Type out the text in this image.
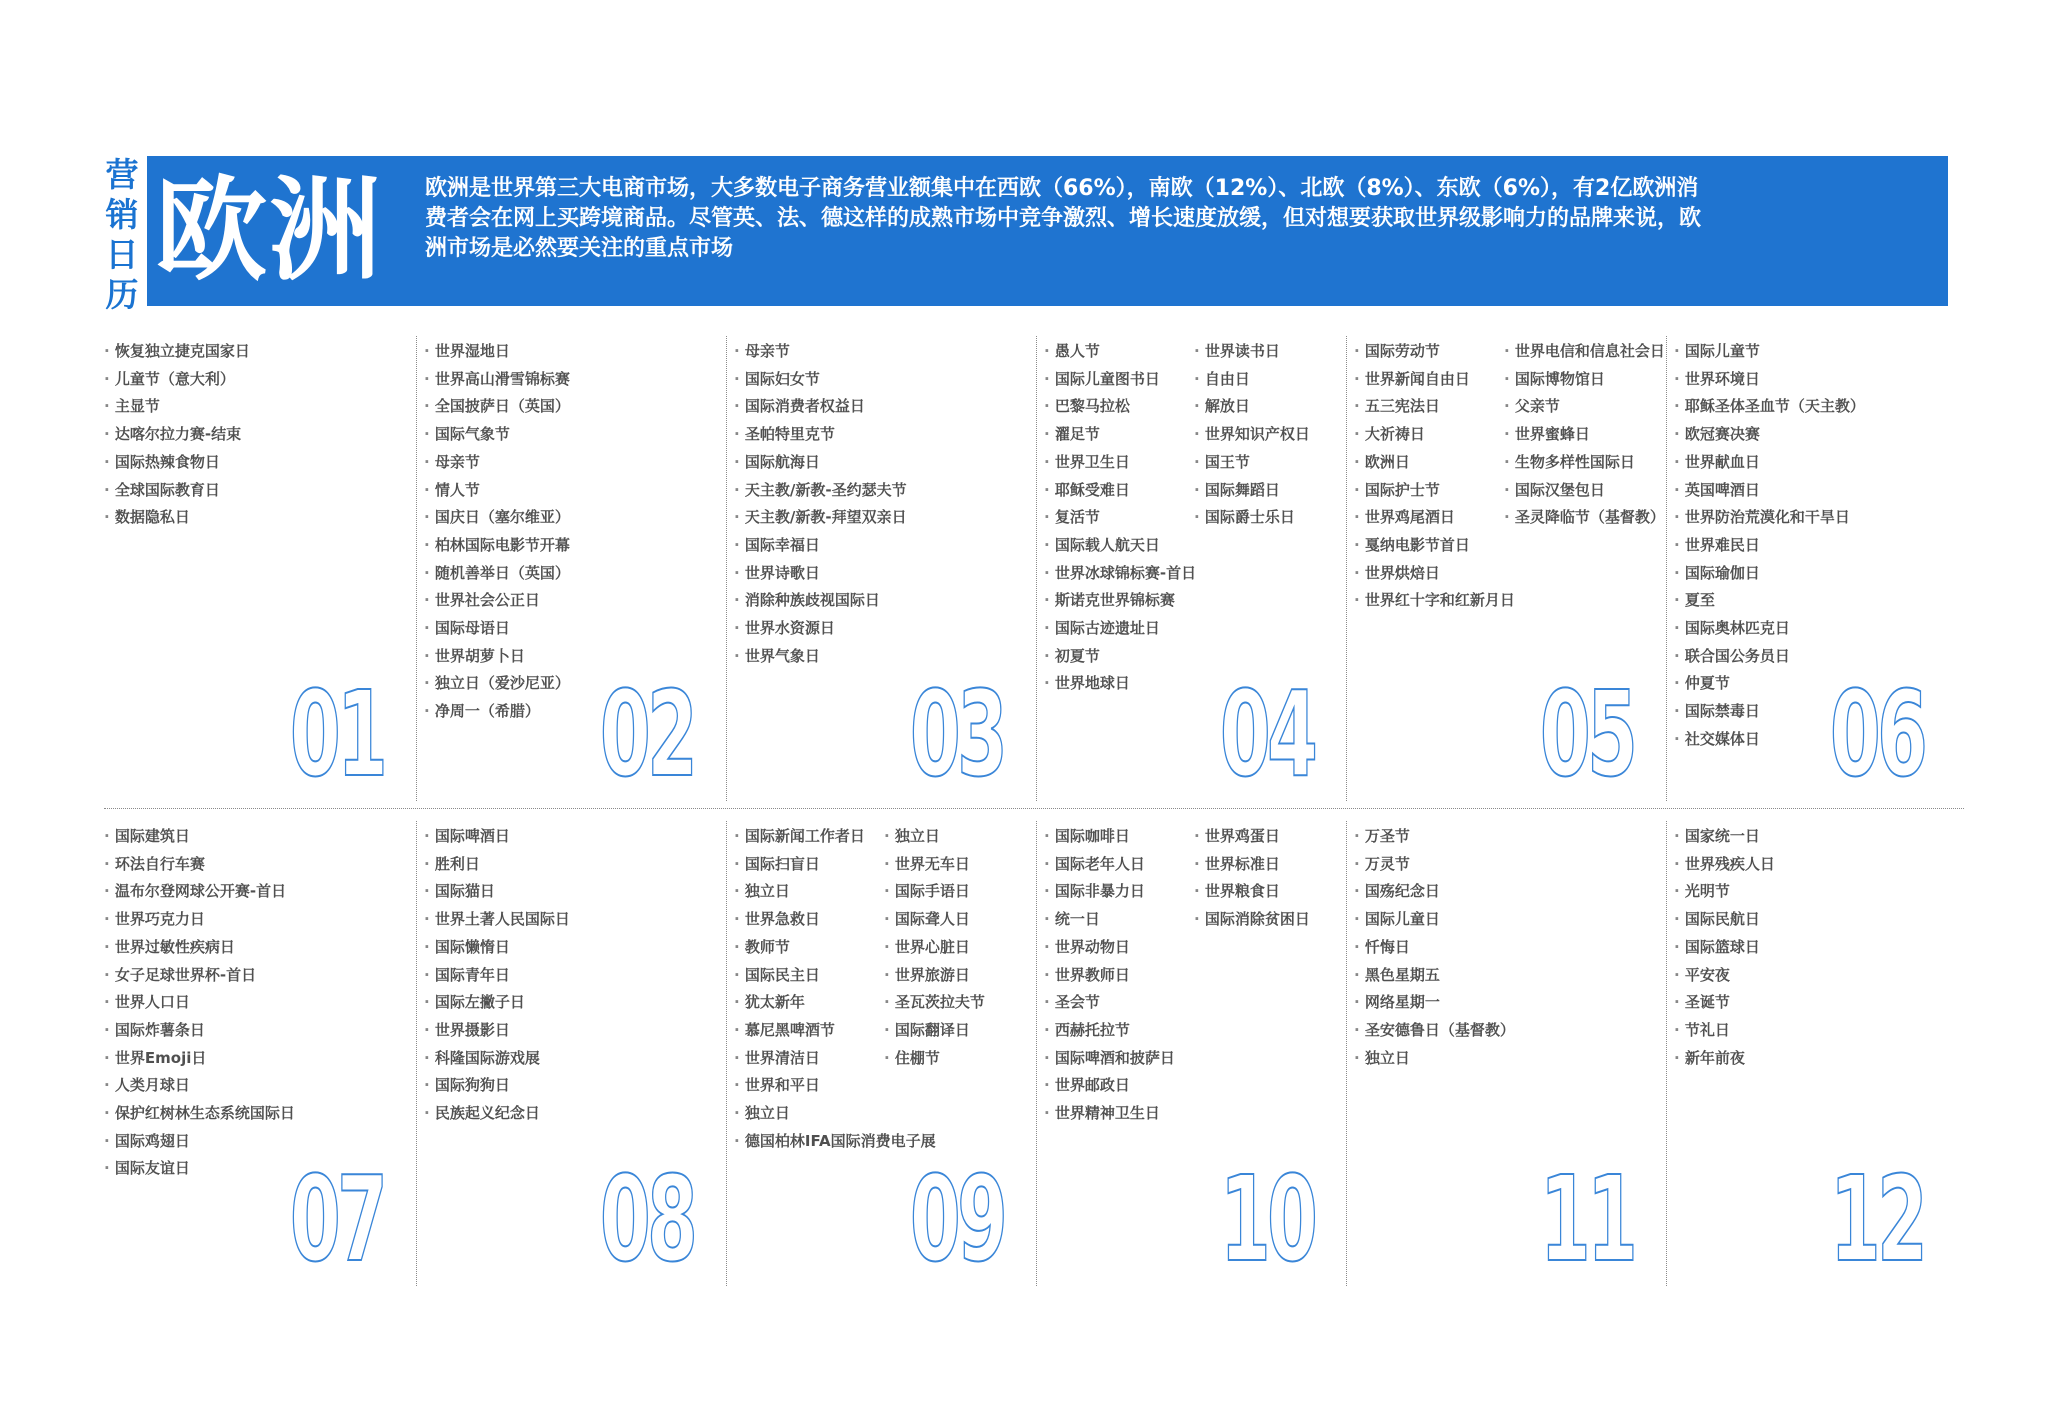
营
销
日
历 欧洲	欧洲是世界第三大电商市场，大多数电子商务营业额集中在西欧（66%），南欧（12%）、北欧（8%）、东欧（6%），有2亿欧洲消费者会在网上买跨境商品。尽管英、法、德这样的成熟市场中竞争激烈、增长速度放缓，但对想要获取世界级影响力的品牌来说，欧洲市场是必然要关注的重点市场
· 恢复独立捷克国家日
· 儿童节（意大利）
· 主显节
· 达喀尔拉力赛-结束
· 国际热辣食物日
· 全球国际教育日
· 数据隐私日
01
· 世界湿地日
· 世界高山滑雪锦标赛
· 全国披萨日（英国）
· 国际气象节
· 母亲节
· 情人节
· 国庆日（塞尔维亚）
· 柏林国际电影节开幕
· 随机善举日（英国）
· 世界社会公正日
· 国际母语日
· 世界胡萝卜日
· 独立日（爱沙尼亚）
· 净周一（希腊） 02
· 母亲节
· 国际妇女节
· 国际消费者权益日
· 圣帕特里克节
· 国际航海日
· 天主教/新教-圣约瑟夫节
· 天主教/新教-拜望双亲日
· 国际幸福日
· 世界诗歌日
· 消除种族歧视国际日
· 世界水资源日
· 世界气象日
03
· 愚人节
· 国际儿童图书日
· 巴黎马拉松
· 濯足节
· 世界卫生日
· 耶稣受难日
· 复活节
· 国际载人航天日
· 世界冰球锦标赛-首日
· 斯诺克世界锦标赛
· 国际古迹遗址日
· 初夏节
· 世界地球日
· 世界读书日
· 自由日
· 解放日
· 世界知识产权日
· 国王节
· 国际舞蹈日
· 国际爵士乐日
04
· 国际劳动节
· 世界新闻自由日
· 五三宪法日
· 大祈祷日
· 欧洲日
· 国际护士节
· 世界鸡尾酒日
· 戛纳电影节首日
· 世界烘焙日
· 世界红十字和红新月日
· 世界电信和信息社会日
· 国际博物馆日
· 父亲节
· 世界蜜蜂日
· 生物多样性国际日
· 国际汉堡包日
· 圣灵降临节（基督教）
05
· 国际儿童节
· 世界环境日
· 耶稣圣体圣血节（天主教）
· 欧冠赛决赛
· 世界献血日
· 英国啤酒日
· 世界防治荒漠化和干旱日
· 世界难民日
· 国际瑜伽日
· 夏至
· 国际奥林匹克日
· 联合国公务员日
· 仲夏节
· 国际禁毒日
· 社交媒体日 06
· 国际建筑日
· 环法自行车赛
· 温布尔登网球公开赛-首日
· 世界巧克力日
· 世界过敏性疾病日
· 女子足球世界杯-首日
· 世界人口日
· 国际炸薯条日
· 世界Emoji日
· 人类月球日
· 保护红树林生态系统国际日
· 国际鸡翅日
· 国际友谊日 07
· 国际啤酒日
· 胜利日
· 国际猫日
· 世界土著人民国际日
· 国际懒惰日
· 国际青年日
· 国际左撇子日
· 世界摄影日
· 科隆国际游戏展
· 国际狗狗日
· 民族起义纪念日
08
· 国际新闻工作者日
· 国际扫盲日
· 独立日
· 世界急救日
· 教师节
· 国际民主日
· 犹太新年
· 慕尼黑啤酒节
· 世界清洁日
· 世界和平日
· 独立日
· 德国柏林IFA国际消费电子展
· 独立日
· 世界无车日
· 国际手语日
· 国际聋人日
· 世界心脏日
· 世界旅游日
· 圣瓦茨拉夫节
· 国际翻译日
· 住棚节
09
· 国际咖啡日
· 国际老年人日
· 国际非暴力日
· 统一日
· 世界动物日
· 世界教师日
· 圣会节
· 西赫托拉节
· 国际啤酒和披萨日
· 世界邮政日
· 世界精神卫生日
· 世界鸡蛋日
· 世界标准日
· 世界粮食日
· 国际消除贫困日
10
· 万圣节
· 万灵节
· 国殇纪念日
· 国际儿童日
· 忏悔日
· 黑色星期五
· 网络星期一
· 圣安德鲁日（基督教）
· 独立日
11
· 国家统一日
· 世界残疾人日
· 光明节
· 国际民航日
· 国际篮球日
· 平安夜
· 圣诞节
· 节礼日
· 新年前夜
12
